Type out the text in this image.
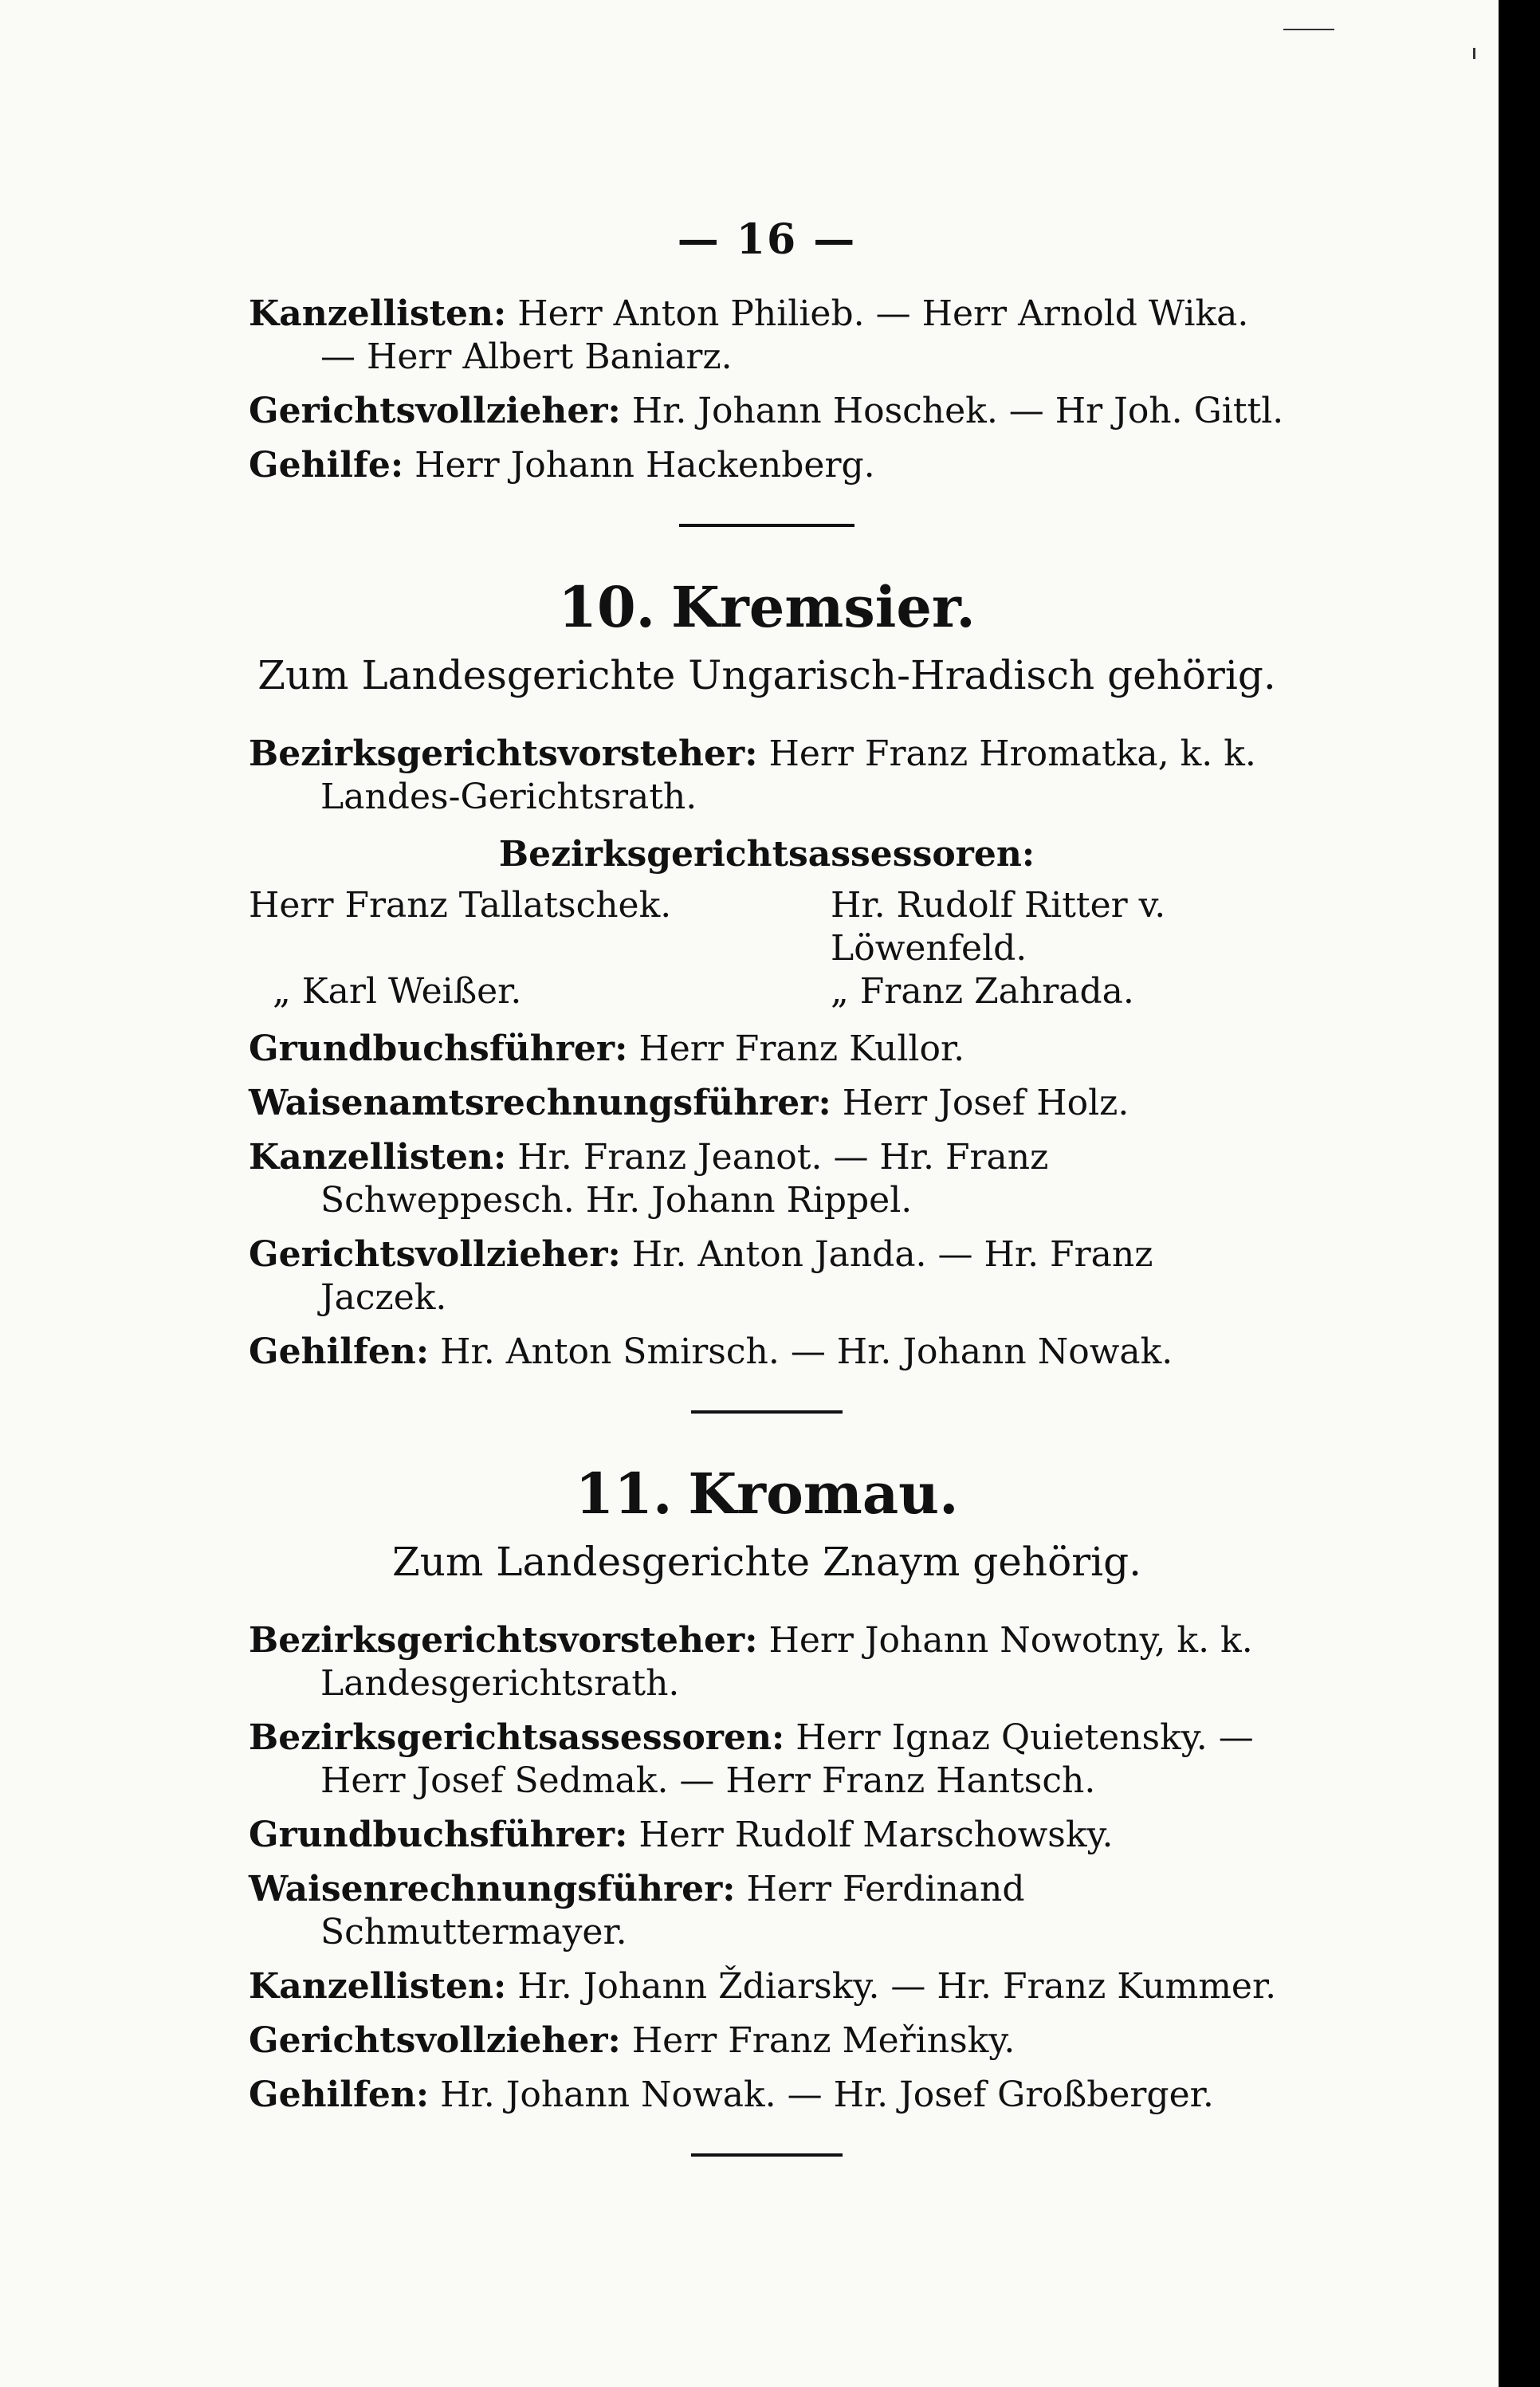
— 16 —

Kanzellisten: Herr Anton Philieb. — Herr Arnold Wika. — Herr Albert Baniarz.

Gerichtsvollzieher: Hr. Johann Hoschek. — Hr Joh. Gittl.

Gehilfe: Herr Johann Hackenberg.

10. Kremsier.
Zum Landesgerichte Ungarisch-Hradisch gehörig.

Bezirksgerichtsvorsteher: Herr Franz Hromatka, k. k. Landes-Gerichtsrath.

Bezirksgerichtsassessoren:
Herr Franz Tallatschek.	Hr. Rudolf Ritter v. Löwenfeld.
„ Karl Weißer.	„ Franz Zahrada.

Grundbuchsführer: Herr Franz Kullor.

Waisenamtsrechnungsführer: Herr Josef Holz.

Kanzellisten: Hr. Franz Jeanot. — Hr. Franz Schweppesch. Hr. Johann Rippel.

Gerichtsvollzieher: Hr. Anton Janda. — Hr. Franz Jaczek.

Gehilfen: Hr. Anton Smirsch. — Hr. Johann Nowak.

11. Kromau.
Zum Landesgerichte Znaym gehörig.

Bezirksgerichtsvorsteher: Herr Johann Nowotny, k. k. Landesgerichtsrath.

Bezirksgerichtsassessoren: Herr Ignaz Quietensky. — Herr Josef Sedmak. — Herr Franz Hantsch.

Grundbuchsführer: Herr Rudolf Marschowsky.

Waisenrechnungsführer: Herr Ferdinand Schmuttermayer.

Kanzellisten: Hr. Johann Ždiarsky. — Hr. Franz Kummer.

Gerichtsvollzieher: Herr Franz Meřinsky.

Gehilfen: Hr. Johann Nowak. — Hr. Josef Großberger.
